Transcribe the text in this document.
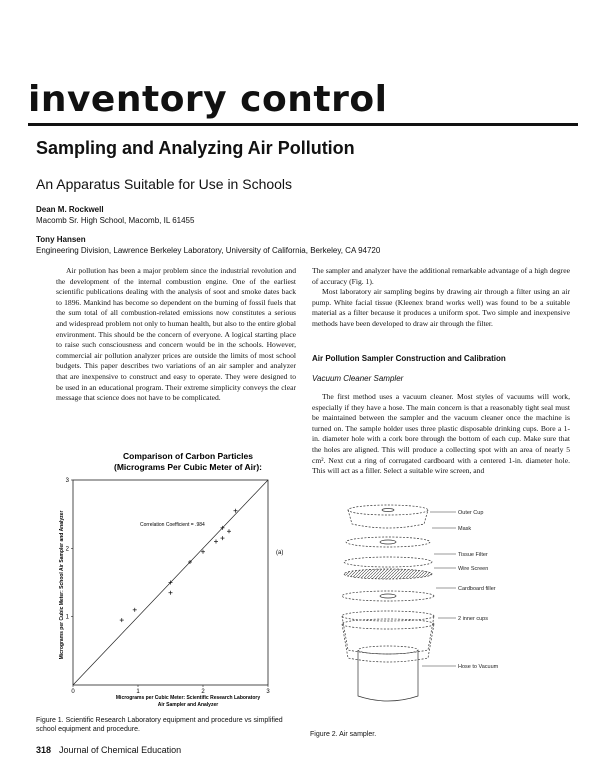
inventory control
Sampling and Analyzing Air Pollution
An Apparatus Suitable for Use in Schools
Dean M. Rockwell
Macomb Sr. High School, Macomb, IL 61455
Tony Hansen
Engineering Division, Lawrence Berkeley Laboratory, University of California, Berkeley, CA 94720

Air pollution has been a major problem since the industrial revolution and the development of the internal combustion engine. One of the earliest scientific publications dealing with the analysis of soot and smoke dates back to 1896. Mankind has become so dependent on the burning of fossil fuels that the sum total of all combustion-related emissions now constitutes a serious and widespread problem not only to human health, but also to the entire global environment. This should be the concern of everyone. A logical starting place to raise such consciousness and concern would be in the schools. However, commercial air pollution analyzer prices are outside the limits of most school budgets. This paper describes two variations of an air sampler and analyzer that are inexpensive to construct and easy to operate. They were designed to be used in an educational program. Their extreme simplicity conveys the clear message that science does not have to be complicated.

The sampler and analyzer have the additional remarkable advantage of a high degree of accuracy (Fig. 1).

Most laboratory air sampling begins by drawing air through a filter using an air pump. White facial tissue (Kleenex brand works well) was found to be a suitable material as a filter because it produces a uniform spot. Two simple and inexpensive methods have been developed to draw air through the filter.

Air Pollution Sampler Construction and Calibration
Vacuum Cleaner Sampler

The first method uses a vacuum cleaner. Most styles of vacuums will work, especially if they have a hose. The main concern is that a reasonably tight seal must be maintained between the sampler and the vacuum cleaner once the machine is turned on. The sample holder uses three plastic disposable drinking cups. Bore a 1-in. diameter hole with a cork bore through the bottom of each cup. Make sure that the holes are aligned. This will produce a collecting spot with an area of nearly 5 cm². Next cut a ring of corrugated cardboard with a centered 1-in. diameter hole. This will act as a filler. Select a suitable wire screen, and

Comparison of Carbon Particles
(Micrograms Per Cubic Meter of Air):
0	1	2	3
1
2
3
Correlation Coefficient = .984
(a)
Micrograms per Cubic Meter: Scientific Research Laboratory
Air Sampler and Analyzer
Micrograms per Cubic Meter: School Air Sampler and Analyzer
Figure 1. Scientific Research Laboratory equipment and procedure vs simplified school equipment and procedure.
Outer Cup
Mask
Tissue Filter
Wire Screen
Cardboard filler
2 inner cups
Hose to Vacuum
Figure 2. Air sampler.
318 Journal of Chemical Education
